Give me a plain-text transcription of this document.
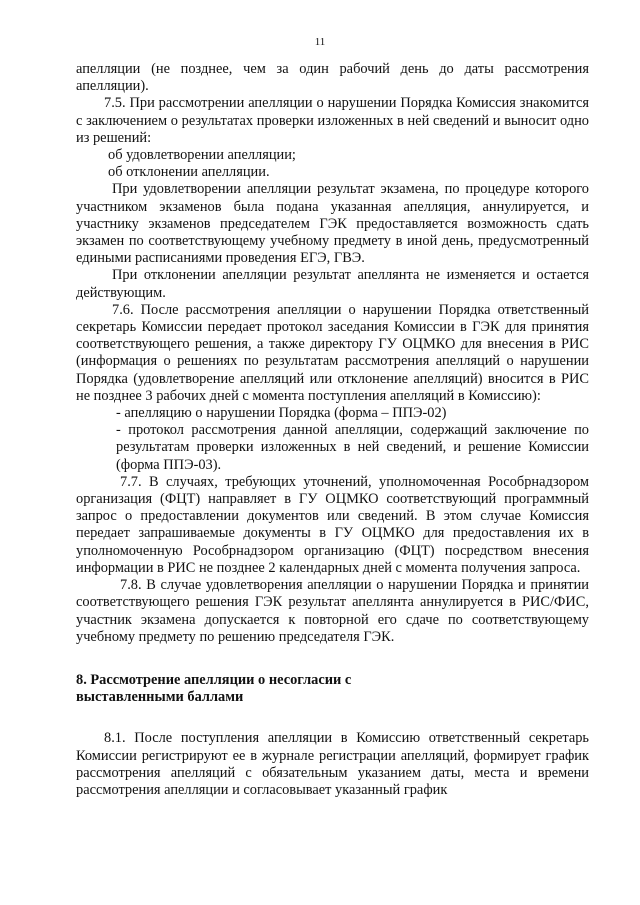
11

апелляции (не позднее, чем за один рабочий день до даты рассмотрения апелляции).

7.5. При рассмотрении апелляции о нарушении Порядка Комиссия знакомится с заключением о результатах проверки изложенных в ней сведений и выносит одно из решений:

об удовлетворении апелляции;

об отклонении апелляции.

При удовлетворении апелляции результат экзамена, по процедуре которого участником экзаменов была подана указанная апелляция, аннулируется, и участнику экзаменов председателем ГЭК предоставляется возможность сдать экзамен по соответствующему учебному предмету в иной день, предусмотренный едиными расписаниями проведения ЕГЭ, ГВЭ.

При отклонении апелляции результат апеллянта не изменяется и остается действующим.

7.6. После рассмотрения апелляции о нарушении Порядка ответственный секретарь Комиссии передает протокол заседания Комиссии в ГЭК для принятия соответствующего решения, а также директору ГУ ОЦМКО для внесения в РИС (информация о решениях по результатам рассмотрения апелляций о нарушении Порядка (удовлетворение апелляций или отклонение апелляций) вносится в РИС не позднее 3 рабочих дней с момента поступления апелляций в Комиссию):

- апелляцию о нарушении Порядка (форма – ППЭ-02)

- протокол рассмотрения данной апелляции, содержащий заключение по результатам проверки изложенных в ней сведений, и решение Комиссии (форма ППЭ-03).

7.7. В случаях, требующих уточнений, уполномоченная Рособрнадзором организация (ФЦТ) направляет в ГУ ОЦМКО соответствующий программный запрос о предоставлении документов или сведений. В этом случае Комиссия передает запрашиваемые документы в ГУ ОЦМКО для предоставления их в уполномоченную Рособрнадзором организацию (ФЦТ) посредством внесения информации в РИС не позднее 2 календарных дней с момента получения запроса.

7.8. В случае удовлетворения апелляции о нарушении Порядка и принятии соответствующего решения ГЭК результат апеллянта аннулируется в РИС/ФИС, участник экзамена допускается к повторной его сдаче по соответствующему учебному предмету по решению председателя ГЭК.

8. Рассмотрение апелляции о несогласии с

выставленными баллами

8.1. После поступления апелляции в Комиссию ответственный секретарь Комиссии регистрируют ее в журнале регистрации апелляций, формирует график рассмотрения апелляций с обязательным указанием даты, места и времени рассмотрения апелляции и согласовывает указанный график
